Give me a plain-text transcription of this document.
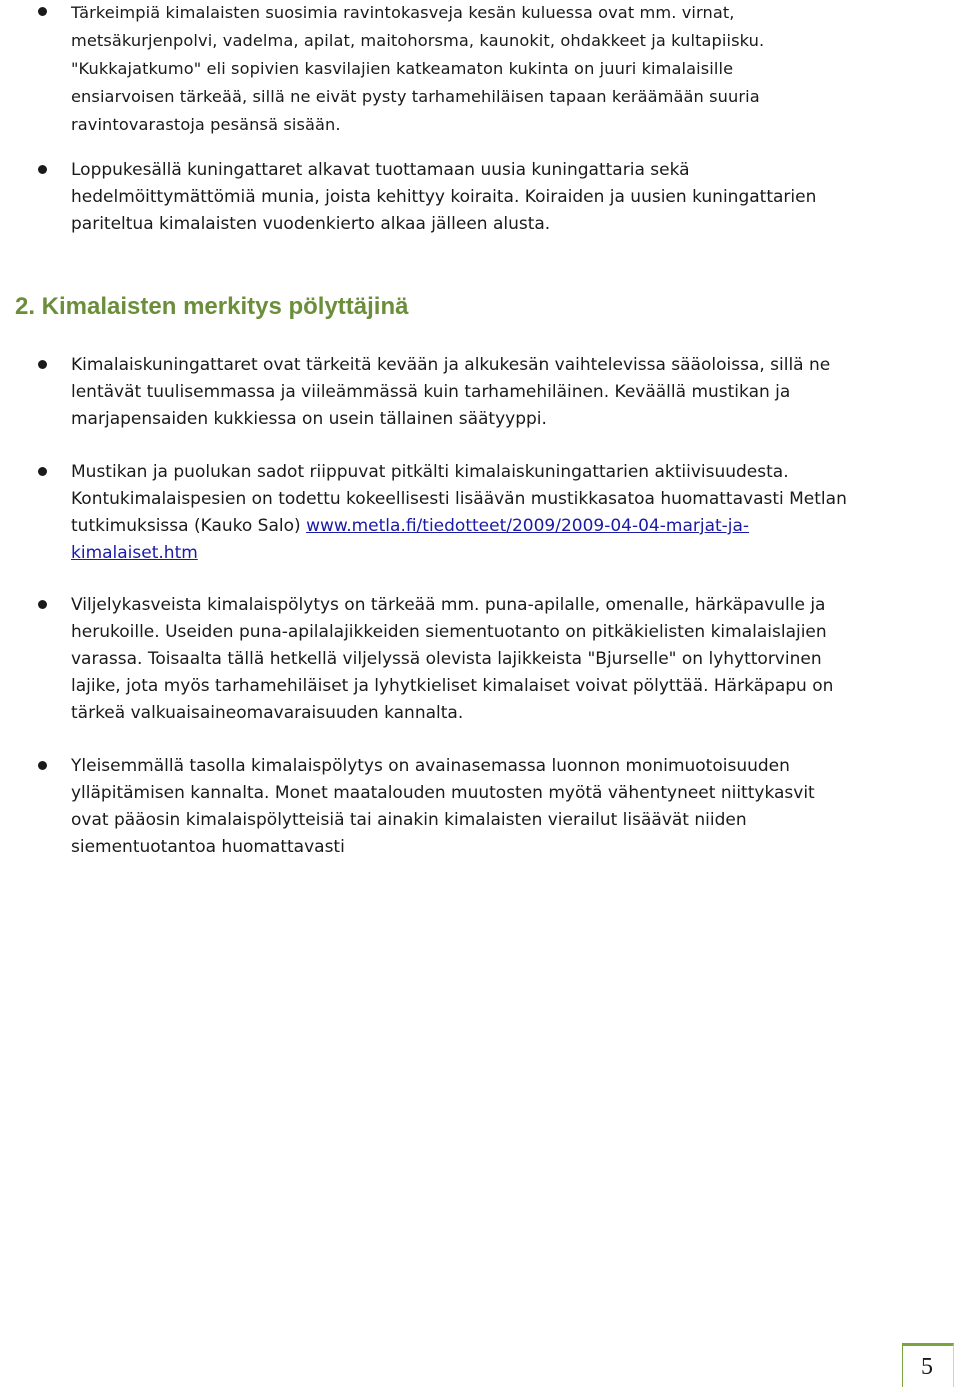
Tärkeimpiä kimalaisten suosimia ravintokasveja kesän kuluessa ovat mm. virnat,
metsäkurjenpolvi, vadelma, apilat, maitohorsma, kaunokit, ohdakkeet ja kultapiisku.
"Kukkajatkumo" eli sopivien kasvilajien katkeamaton kukinta on juuri kimalaisille
ensiarvoisen tärkeää, sillä ne eivät pysty tarhamehiläisen tapaan keräämään suuria
ravintovarastoja pesänsä sisään.

Loppukesällä kuningattaret alkavat tuottamaan uusia kuningattaria sekä
hedelmöittymättömiä munia, joista kehittyy koiraita. Koiraiden ja uusien kuningattarien
pariteltua kimalaisten vuodenkierto alkaa jälleen alusta.

2. Kimalaisten merkitys pölyttäjinä

Kimalaiskuningattaret ovat tärkeitä kevään ja alkukesän vaihtelevissa sääoloissa, sillä ne
lentävät tuulisemmassa ja viileämmässä kuin tarhamehiläinen. Keväällä mustikan ja
marjapensaiden kukkiessa on usein tällainen säätyyppi.

Mustikan ja puolukan sadot riippuvat pitkälti kimalaiskuningattarien aktiivisuudesta.
Kontukimalaispesien on todettu kokeellisesti lisäävän mustikkasatoa huomattavasti Metlan
tutkimuksissa (Kauko Salo) www.metla.fi/tiedotteet/2009/2009-04-04-marjat-ja-
kimalaiset.htm

Viljelykasveista kimalaispölytys on tärkeää mm. puna-apilalle, omenalle, härkäpavulle ja
herukoille. Useiden puna-apilalajikkeiden siementuotanto on pitkäkielisten kimalaislajien
varassa. Toisaalta tällä hetkellä viljelyssä olevista lajikkeista "Bjurselle" on lyhyttorvinen
lajike, jota myös tarhamehiläiset ja lyhytkieliset kimalaiset voivat pölyttää. Härkäpapu on
tärkeä valkuaisaineomavaraisuuden kannalta.

Yleisemmällä tasolla kimalaispölytys on avainasemassa luonnon monimuotoisuuden
ylläpitämisen kannalta. Monet maatalouden muutosten myötä vähentyneet niittykasvit
ovat pääosin kimalaispölytteisiä tai ainakin kimalaisten vierailut lisäävät niiden
siementuotantoa huomattavasti

5
